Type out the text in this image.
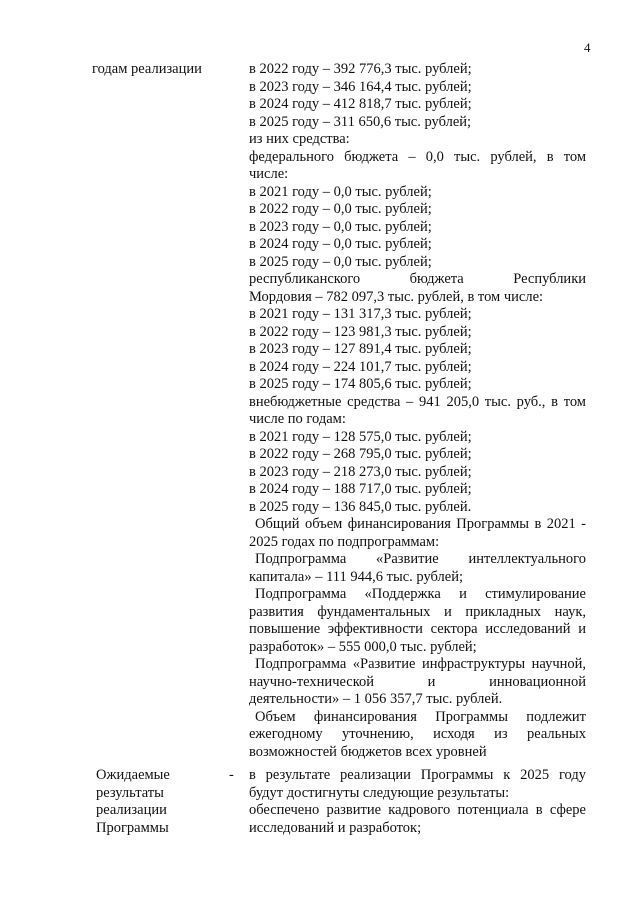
4
годам реализации	в 2022 году – 392 776,3 тыс. рублей;
в 2023 году – 346 164,4 тыс. рублей;
в 2024 году – 412 818,7 тыс. рублей;
в 2025 году – 311 650,6 тыс. рублей;
из них средства:
федерального бюджета – 0,0 тыс. рублей, в том
числе:
в 2021 году – 0,0 тыс. рублей;
в 2022 году – 0,0 тыс. рублей;
в 2023 году – 0,0 тыс. рублей;
в 2024 году – 0,0 тыс. рублей;
в 2025 году – 0,0 тыс. рублей;
республиканского бюджета Республики
Мордовия – 782 097,3 тыс. рублей, в том числе:
в 2021 году – 131 317,3 тыс. рублей;
в 2022 году – 123 981,3 тыс. рублей;
в 2023 году – 127 891,4 тыс. рублей;
в 2024 году – 224 101,7 тыс. рублей;
в 2025 году – 174 805,6 тыс. рублей;
внебюджетные средства – 941 205,0 тыс. руб., в том
числе по годам:
в 2021 году – 128 575,0 тыс. рублей;
в 2022 году – 268 795,0 тыс. рублей;
в 2023 году – 218 273,0 тыс. рублей;
в 2024 году – 188 717,0 тыс. рублей;
в 2025 году – 136 845,0 тыс. рублей.
Общий объем финансирования Программы в 2021 -
2025 годах по подпрограммам:
Подпрограмма «Развитие интеллектуального
капитала» – 111 944,6 тыс. рублей;
Подпрограмма «Поддержка и стимулирование
развития фундаментальных и прикладных наук,
повышение эффективности сектора исследований и
разработок» – 555 000,0 тыс. рублей;
Подпрограмма «Развитие инфраструктуры научной,
научно-технической и инновационной
деятельности» – 1 056 357,7 тыс. рублей.
Объем финансирования Программы подлежит
ежегодному уточнению, исходя из реальных
возможностей бюджетов всех уровней
Ожидаемые
результаты
реализации
Программы
- в результате реализации Программы к 2025 году
будут достигнуты следующие результаты:
обеспечено развитие кадрового потенциала в сфере
исследований и разработок;
